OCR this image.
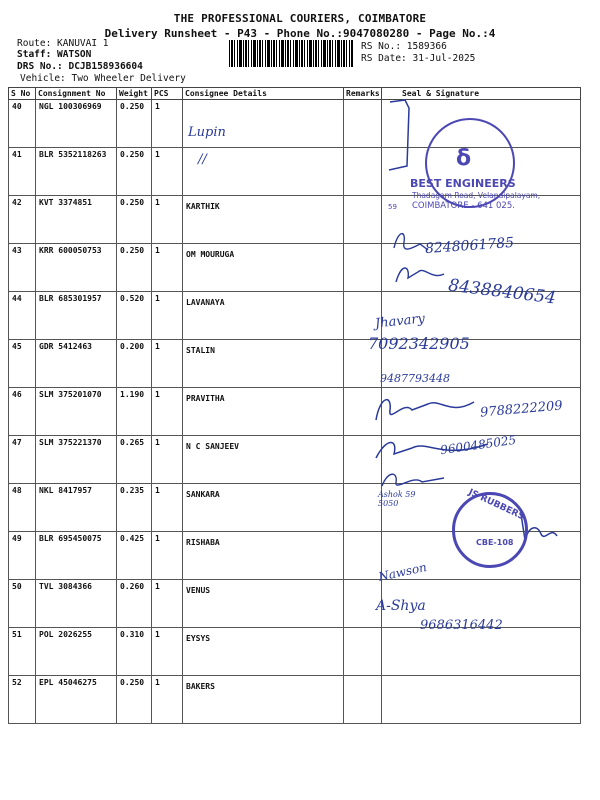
THE PROFESSIONAL COURIERS, COIMBATORE
Delivery Runsheet - P43 - Phone No.:9047080280 - Page No.:4
Route: KANUVAI 1
Staff: WATSON
DRS No.: DCJB158936604
Vehicle: Two Wheeler Delivery
RS No.: 1589366
RS Date: 31-Jul-2025
S No	Consignment No	Weight	PCS	Consignee Details	Remarks	Seal & Signature
40	NGL 100306969	0.250	1			
41	BLR 5352118263	0.250	1			
42	KVT 3374851	0.250	1	KARTHIK		
43	KRR 600050753	0.250	1	OM MOURUGA		
44	BLR 685301957	0.520	1	LAVANAYA		
45	GDR 5412463	0.200	1	STALIN		
46	SLM 375201070	1.190	1	PRAVITHA		
47	SLM 375221370	0.265	1	N C SANJEEV		
48	NKL 8417957	0.235	1	SANKARA		
49	BLR 695450075	0.425	1	RISHABA		
50	TVL 3084366	0.260	1	VENUS		
51	POL 2026255	0.310	1	EYSYS		
52	EPL 45046275	0.250	1	BAKERS		
Lupin
//
8248061785
8438840654
Jhavary
7092342905
9487793448
9788222209
9600485025
Ashok 59 5050
Nawson
A-Shya
9686316442
δ
BEST ENGINEERS
Thadagam Road, Velandipalayam,
COIMBATORE - 641 025.
59
JS RUBBERS
CBE-108
